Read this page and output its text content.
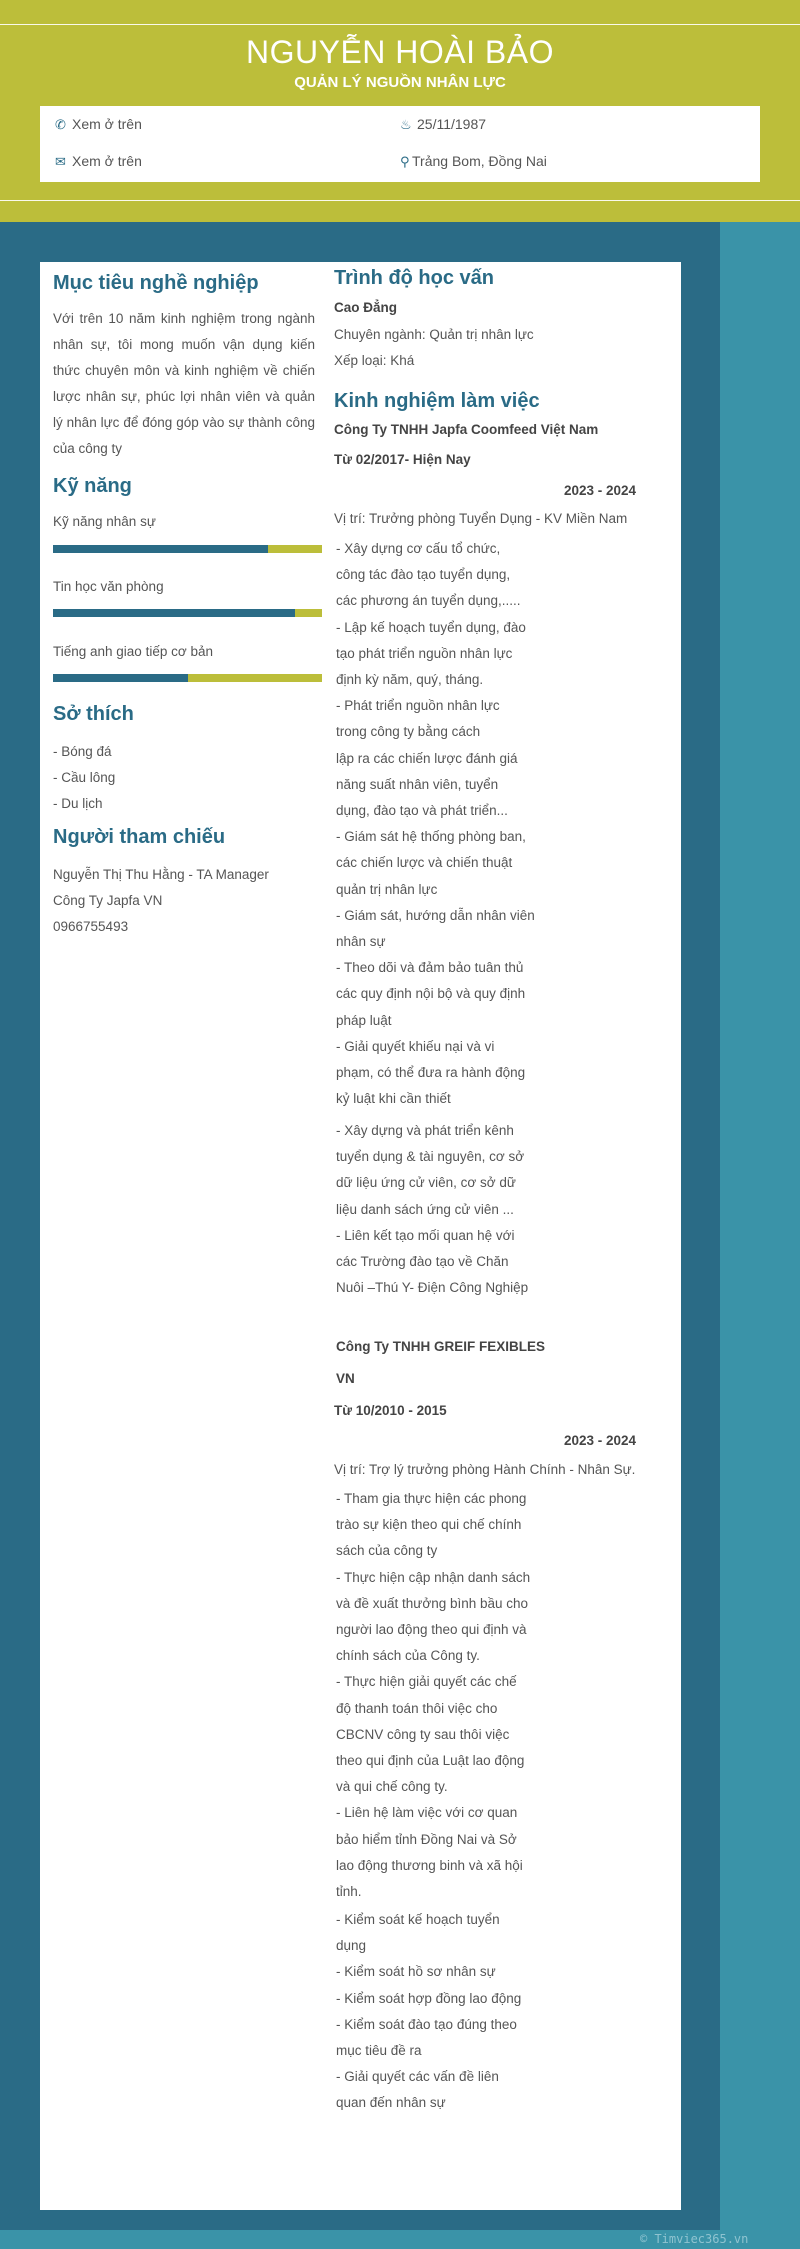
NGUYỄN HOÀI BẢO
QUẢN LÝ NGUỒN NHÂN LỰC
✆ Xem ở trên
✉ Xem ở trên
♨ 25/11/1987
⚲ Trảng Bom, Đồng Nai
© Timviec365.vn
Mục tiêu nghề nghiệp
Với trên 10 năm kinh nghiệm trong ngành nhân sự, tôi mong muốn vận dụng kiến thức chuyên môn và kinh nghiệm về chiến lược nhân sự, phúc lợi nhân viên và quản lý nhân lực để đóng góp vào sự thành công của công ty
Kỹ năng
Kỹ năng nhân sự
Tin học văn phòng
Tiếng anh giao tiếp cơ bản
Sở thích
- Bóng đá
- Cầu lông
- Du lịch
Người tham chiếu
Nguyễn Thị Thu Hằng - TA Manager
Công Ty Japfa VN
0966755493
Trình độ học vấn
Cao Đẳng
Chuyên ngành: Quản trị nhân lực
Xếp loại: Khá
Kinh nghiệm làm việc
Công Ty TNHH Japfa Coomfeed Việt Nam
Từ 02/2017- Hiện Nay
2023 - 2024
Vị trí: Trưởng phòng Tuyển Dụng - KV Miền Nam
- Xây dựng cơ cấu tổ chức,
công tác đào tạo tuyển dụng,
các phương án tuyển dụng,.....
- Lập kế hoạch tuyển dụng, đào
tạo phát triển nguồn nhân lực
định kỳ năm, quý, tháng.
- Phát triển nguồn nhân lực
trong công ty bằng cách
lập ra các chiến lược đánh giá
năng suất nhân viên, tuyển
dụng, đào tạo và phát triển...
- Giám sát hệ thống phòng ban,
các chiến lược và chiến thuật
quản trị nhân lực
- Giám sát, hướng dẫn nhân viên
nhân sự
- Theo dõi và đảm bảo tuân thủ
các quy định nội bộ và quy định
pháp luật
- Giải quyết khiếu nại và vi
phạm, có thể đưa ra hành động
kỷ luật khi cần thiết
- Xây dựng và phát triển kênh
tuyển dụng & tài nguyên, cơ sở
dữ liệu ứng cử viên, cơ sở dữ
liệu danh sách ứng cử viên ...
- Liên kết tạo mối quan hệ với
các Trường đào tạo về Chăn
Nuôi –Thú Y- Điện Công Nghiệp
Công Ty TNHH GREIF FEXIBLES
VN
Từ 10/2010 - 2015
2023 - 2024
Vị trí: Trợ lý trưởng phòng Hành Chính - Nhân Sự.
- Tham gia thực hiện các phong
trào sự kiện theo qui chế chính
sách của công ty
- Thực hiện cập nhận danh sách
và đề xuất thưởng bình bầu cho
người lao động theo qui định và
chính sách của Công ty.
- Thực hiện giải quyết các chế
độ thanh toán thôi việc cho
CBCNV công ty sau thôi việc
theo qui định của Luật lao động
và qui chế công ty.
- Liên hệ làm việc với cơ quan
bảo hiểm tỉnh Đồng Nai và Sở
lao động thương binh và xã hội
tỉnh.
- Kiểm soát kế hoạch tuyển
dụng
- Kiểm soát hồ sơ nhân sự
- Kiểm soát hợp đồng lao động
- Kiểm soát đào tạo đúng theo
mục tiêu đề ra
- Giải quyết các vấn đề liên
quan đến nhân sự
